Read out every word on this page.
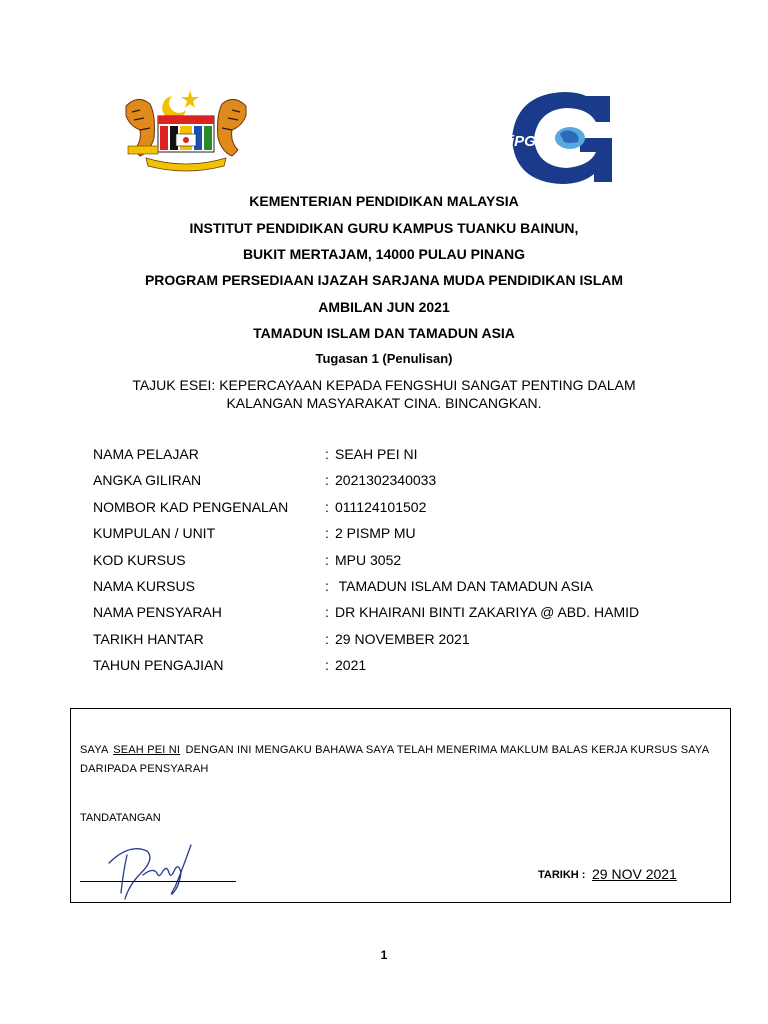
iPG
KEMENTERIAN PENDIDIKAN MALAYSIA
INSTITUT PENDIDIKAN GURU KAMPUS TUANKU BAINUN,
BUKIT MERTAJAM, 14000 PULAU PINANG
PROGRAM PERSEDIAAN IJAZAH SARJANA MUDA PENDIDIKAN ISLAM
AMBILAN JUN 2021
TAMADUN ISLAM DAN TAMADUN ASIA
Tugasan 1 (Penulisan)
TAJUK ESEI: KEPERCAYAAN KEPADA FENGSHUI SANGAT PENTING DALAM
KALANGAN MASYARAKAT CINA. BINCANGKAN.
NAMA PELAJAR	: SEAH PEI NI
ANGKA GILIRAN	: 2021302340033
NOMBOR KAD PENGENALAN	: 011124101502
KUMPULAN / UNIT	: 2 PISMP MU
KOD KURSUS	: MPU 3052
NAMA KURSUS	: TAMADUN ISLAM DAN TAMADUN ASIA
NAMA PENSYARAH	: DR KHAIRANI BINTI ZAKARIYA @ ABD. HAMID
TARIKH HANTAR	: 29 NOVEMBER 2021
TAHUN PENGAJIAN	: 2021
SAYA SEAH PEI NI DENGAN INI MENGAKU BAHAWA SAYA TELAH MENERIMA MAKLUM BALAS KERJA KURSUS SAYA DARIPADA PENSYARAH
TANDATANGAN
TARIKH : 29 NOV 2021
1
